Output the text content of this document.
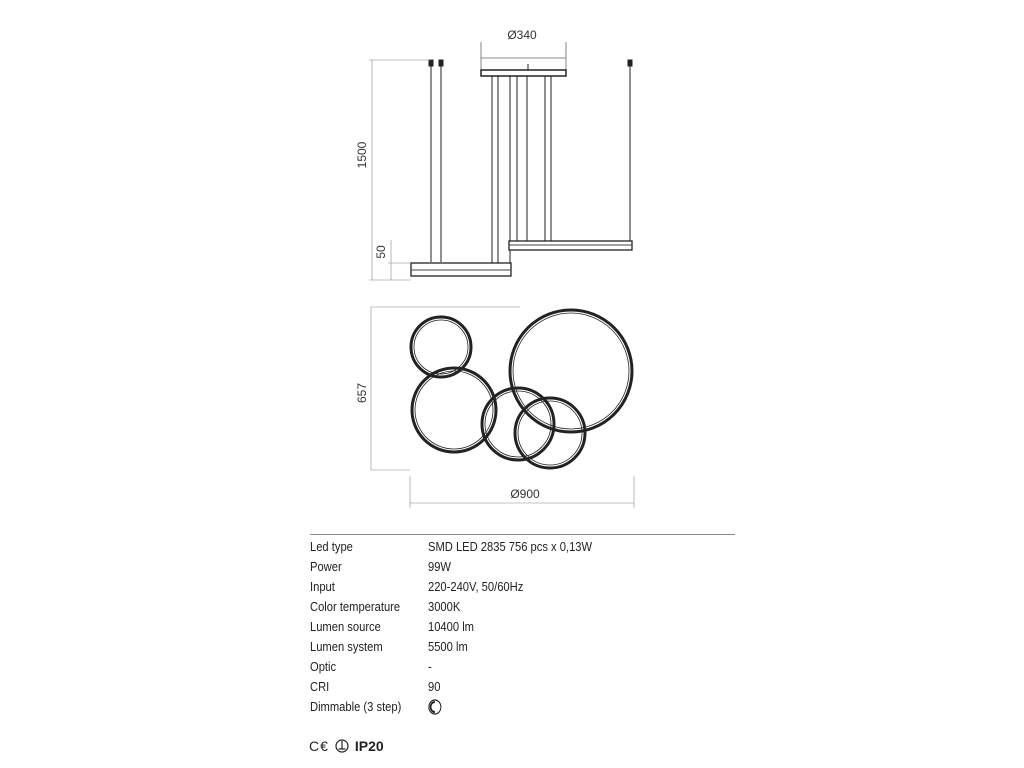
Ø340
1500
50
657
Ø900
Led type	SMD LED 2835 756 pcs x 0,13W
Power	99W
Input	220-240V, 50/60Hz
Color temperature	3000K
Lumen source	10400 lm
Lumen system	5500 lm
Optic	-
CRI	90
Dimmable (3 step)
C€ IP20
